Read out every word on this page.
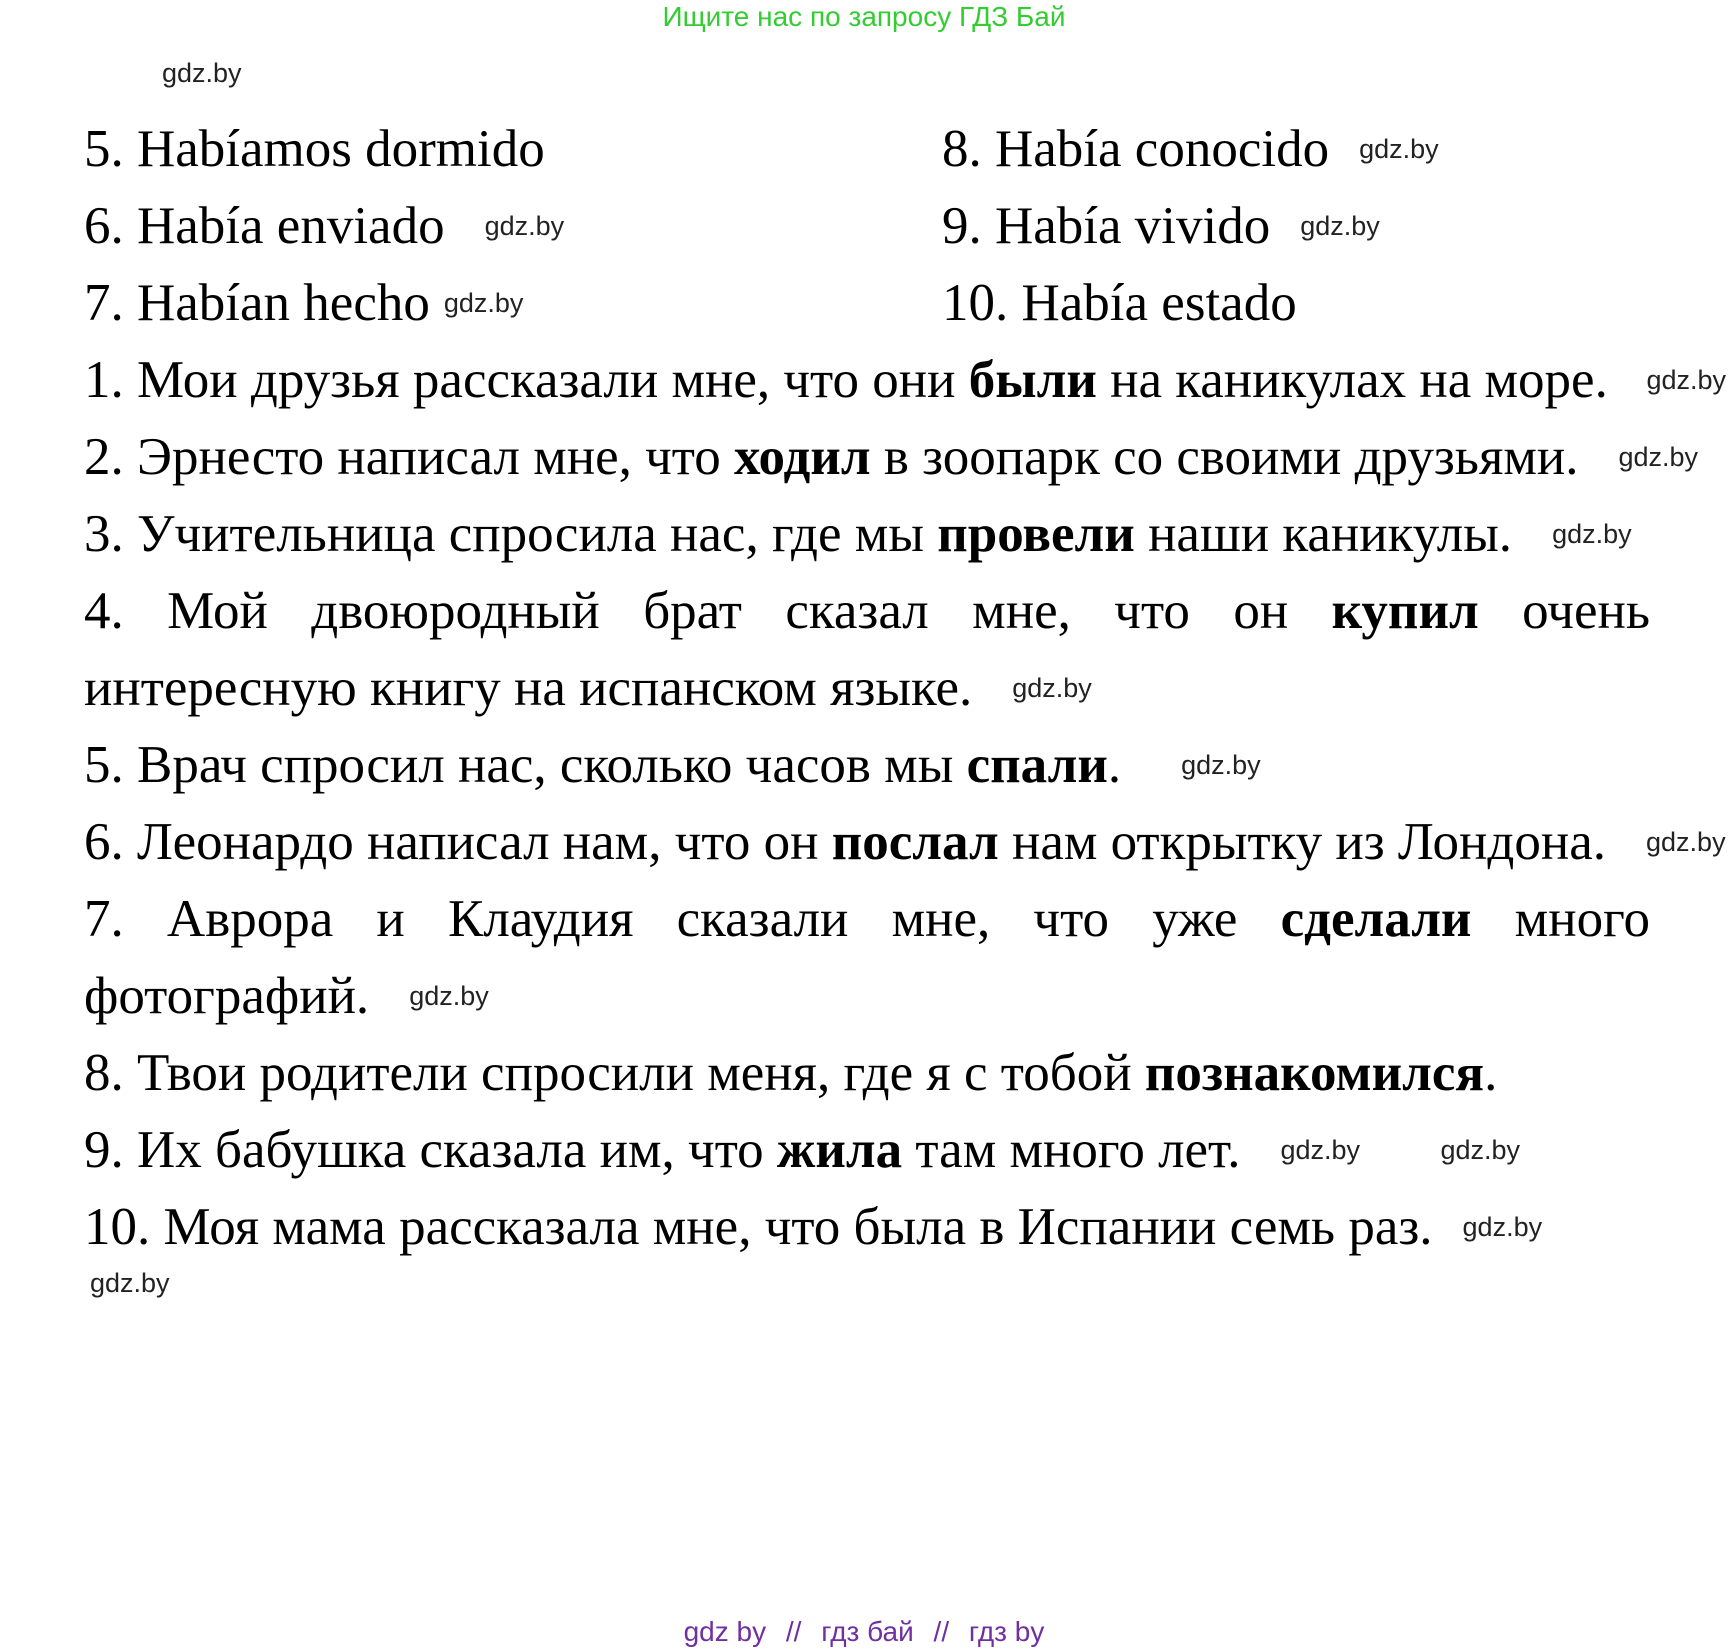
Ищите нас по запросу ГДЗ Бай
5. Habíamos dormido	8. Había conocido
6. Había enviado	9. Había vivido
7. Habían hecho	10. Había estado

1. Мои друзья рассказали мне, что они были на каникулах на море.

2. Эрнесто написал мне, что ходил в зоопарк со своими друзьями.

3. Учительница спросила нас, где мы провели наши каникулы.

4. Мой двоюродный брат сказал мне, что он купил очень интересную книгу на испанском языке.

5. Врач спросил нас, сколько часов мы спали.

6. Леонардо написал нам, что он послал нам открытку из Лондона.

7. Аврора и Клаудия сказали мне, что уже сделали много фотографий.

8. Твои родители спросили меня, где я с тобой познакомился.

9. Их бабушка сказала им, что жила там много лет.

10. Моя мама рассказала мне, что была в Испании семь раз.

gdz.by
gdz.by
gdz.by
gdz.by
gdz.by
gdz.by
gdz.by
gdz.by
gdz.by
gdz.by
gdz.by
gdz.by
gdz.by	gdz.by
gdz.by
gdz.by
gdz by // гдз бай // гдз by
